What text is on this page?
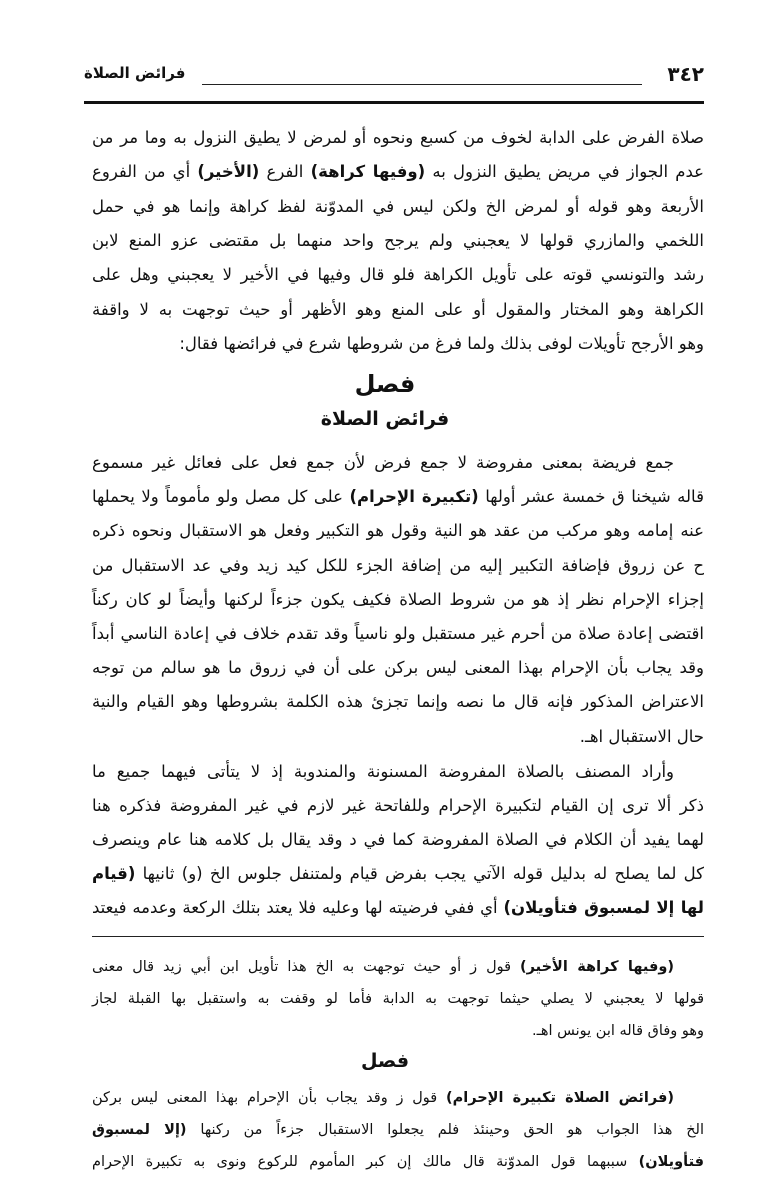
٣٤٢
فرائض الصلاة
صلاة الفرض على الدابة لخوف من كسبع ونحوه أو لمرض لا يطيق النزول به وما مر من
عدم الجواز في مريض يطيق النزول به (وفيها كراهة) الفرع (الأخير) أي من الفروع
الأربعة وهو قوله أو لمرض الخ ولكن ليس في المدوّنة لفظ كراهة وإنما هو في حمل
اللخمي والمازري قولها لا يعجبني ولم يرجح واحد منهما بل مقتضى عزو المنع لابن
رشد والتونسي قوته على تأويل الكراهة فلو قال وفيها في الأخير لا يعجبني وهل على
الكراهة وهو المختار والمقول أو على المنع وهو الأظهر أو حيث توجهت به لا واقفة
وهو الأرجح تأويلات لوفى بذلك ولما فرغ من شروطها شرع في فرائضها فقال:
جمع فريضة بمعنى مفروضة لا جمع فرض لأن جمع فعل على فعائل غير مسموع
قاله شيخنا ق خمسة عشر أولها (تكبيرة الإحرام) على كل مصل ولو مأموماً ولا يحملها
عنه إمامه وهو مركب من عقد هو النية وقول هو التكبير وفعل هو الاستقبال ونحوه ذكره
ح عن زروق فإضافة التكبير إليه من إضافة الجزء للكل كيد زيد وفي عد الاستقبال من
إجزاء الإحرام نظر إذ هو من شروط الصلاة فكيف يكون جزءاً لركنها وأيضاً لو كان ركناً
اقتضى إعادة صلاة من أحرم غير مستقبل ولو ناسياً وقد تقدم خلاف في إعادة الناسي أبداً
وقد يجاب بأن الإحرام بهذا المعنى ليس بركن على أن في زروق ما هو سالم من توجه
الاعتراض المذكور فإنه قال ما نصه وإنما تجزئ هذه الكلمة بشروطها وهو القيام والنية
حال الاستقبال اهـ.
وأراد المصنف بالصلاة المفروضة المسنونة والمندوبة إذ لا يتأتى فيهما جميع ما
ذكر ألا ترى إن القيام لتكبيرة الإحرام وللفاتحة غير لازم في غير المفروضة فذكره هنا
لهما يفيد أن الكلام في الصلاة المفروضة كما في د وقد يقال بل كلامه هنا عام وينصرف
كل لما يصلح له بدليل قوله الآتي يجب بفرض قيام ولمتنفل جلوس الخ (و) ثانيها (قيام
لها إلا لمسبوق فتأويلان) أي ففي فرضيته لها وعليه فلا يعتد بتلك الركعة وعدمه فيعتد
(وفيها كراهة الأخير) قول ز أو حيث توجهت به الخ هذا تأويل ابن أبي زيد قال معنى
قولها لا يعجبني لا يصلي حيثما توجهت به الدابة فأما لو وقفت به واستقبل بها القبلة لجاز
وهو وفاق قاله ابن يونس اهـ.
(فرائض الصلاة تكبيرة الإحرام) قول ز وقد يجاب بأن الإحرام بهذا المعنى ليس بركن
الخ هذا الجواب هو الحق وحينئذ فلم يجعلوا الاستقبال جزءاً من ركنها (إلا لمسبوق
فتأويلان) سببهما قول المدوّنة قال مالك إن كبر المأموم للركوع ونوى به تكبيرة الإحرام
فصل
فرائض الصلاة
فصل
